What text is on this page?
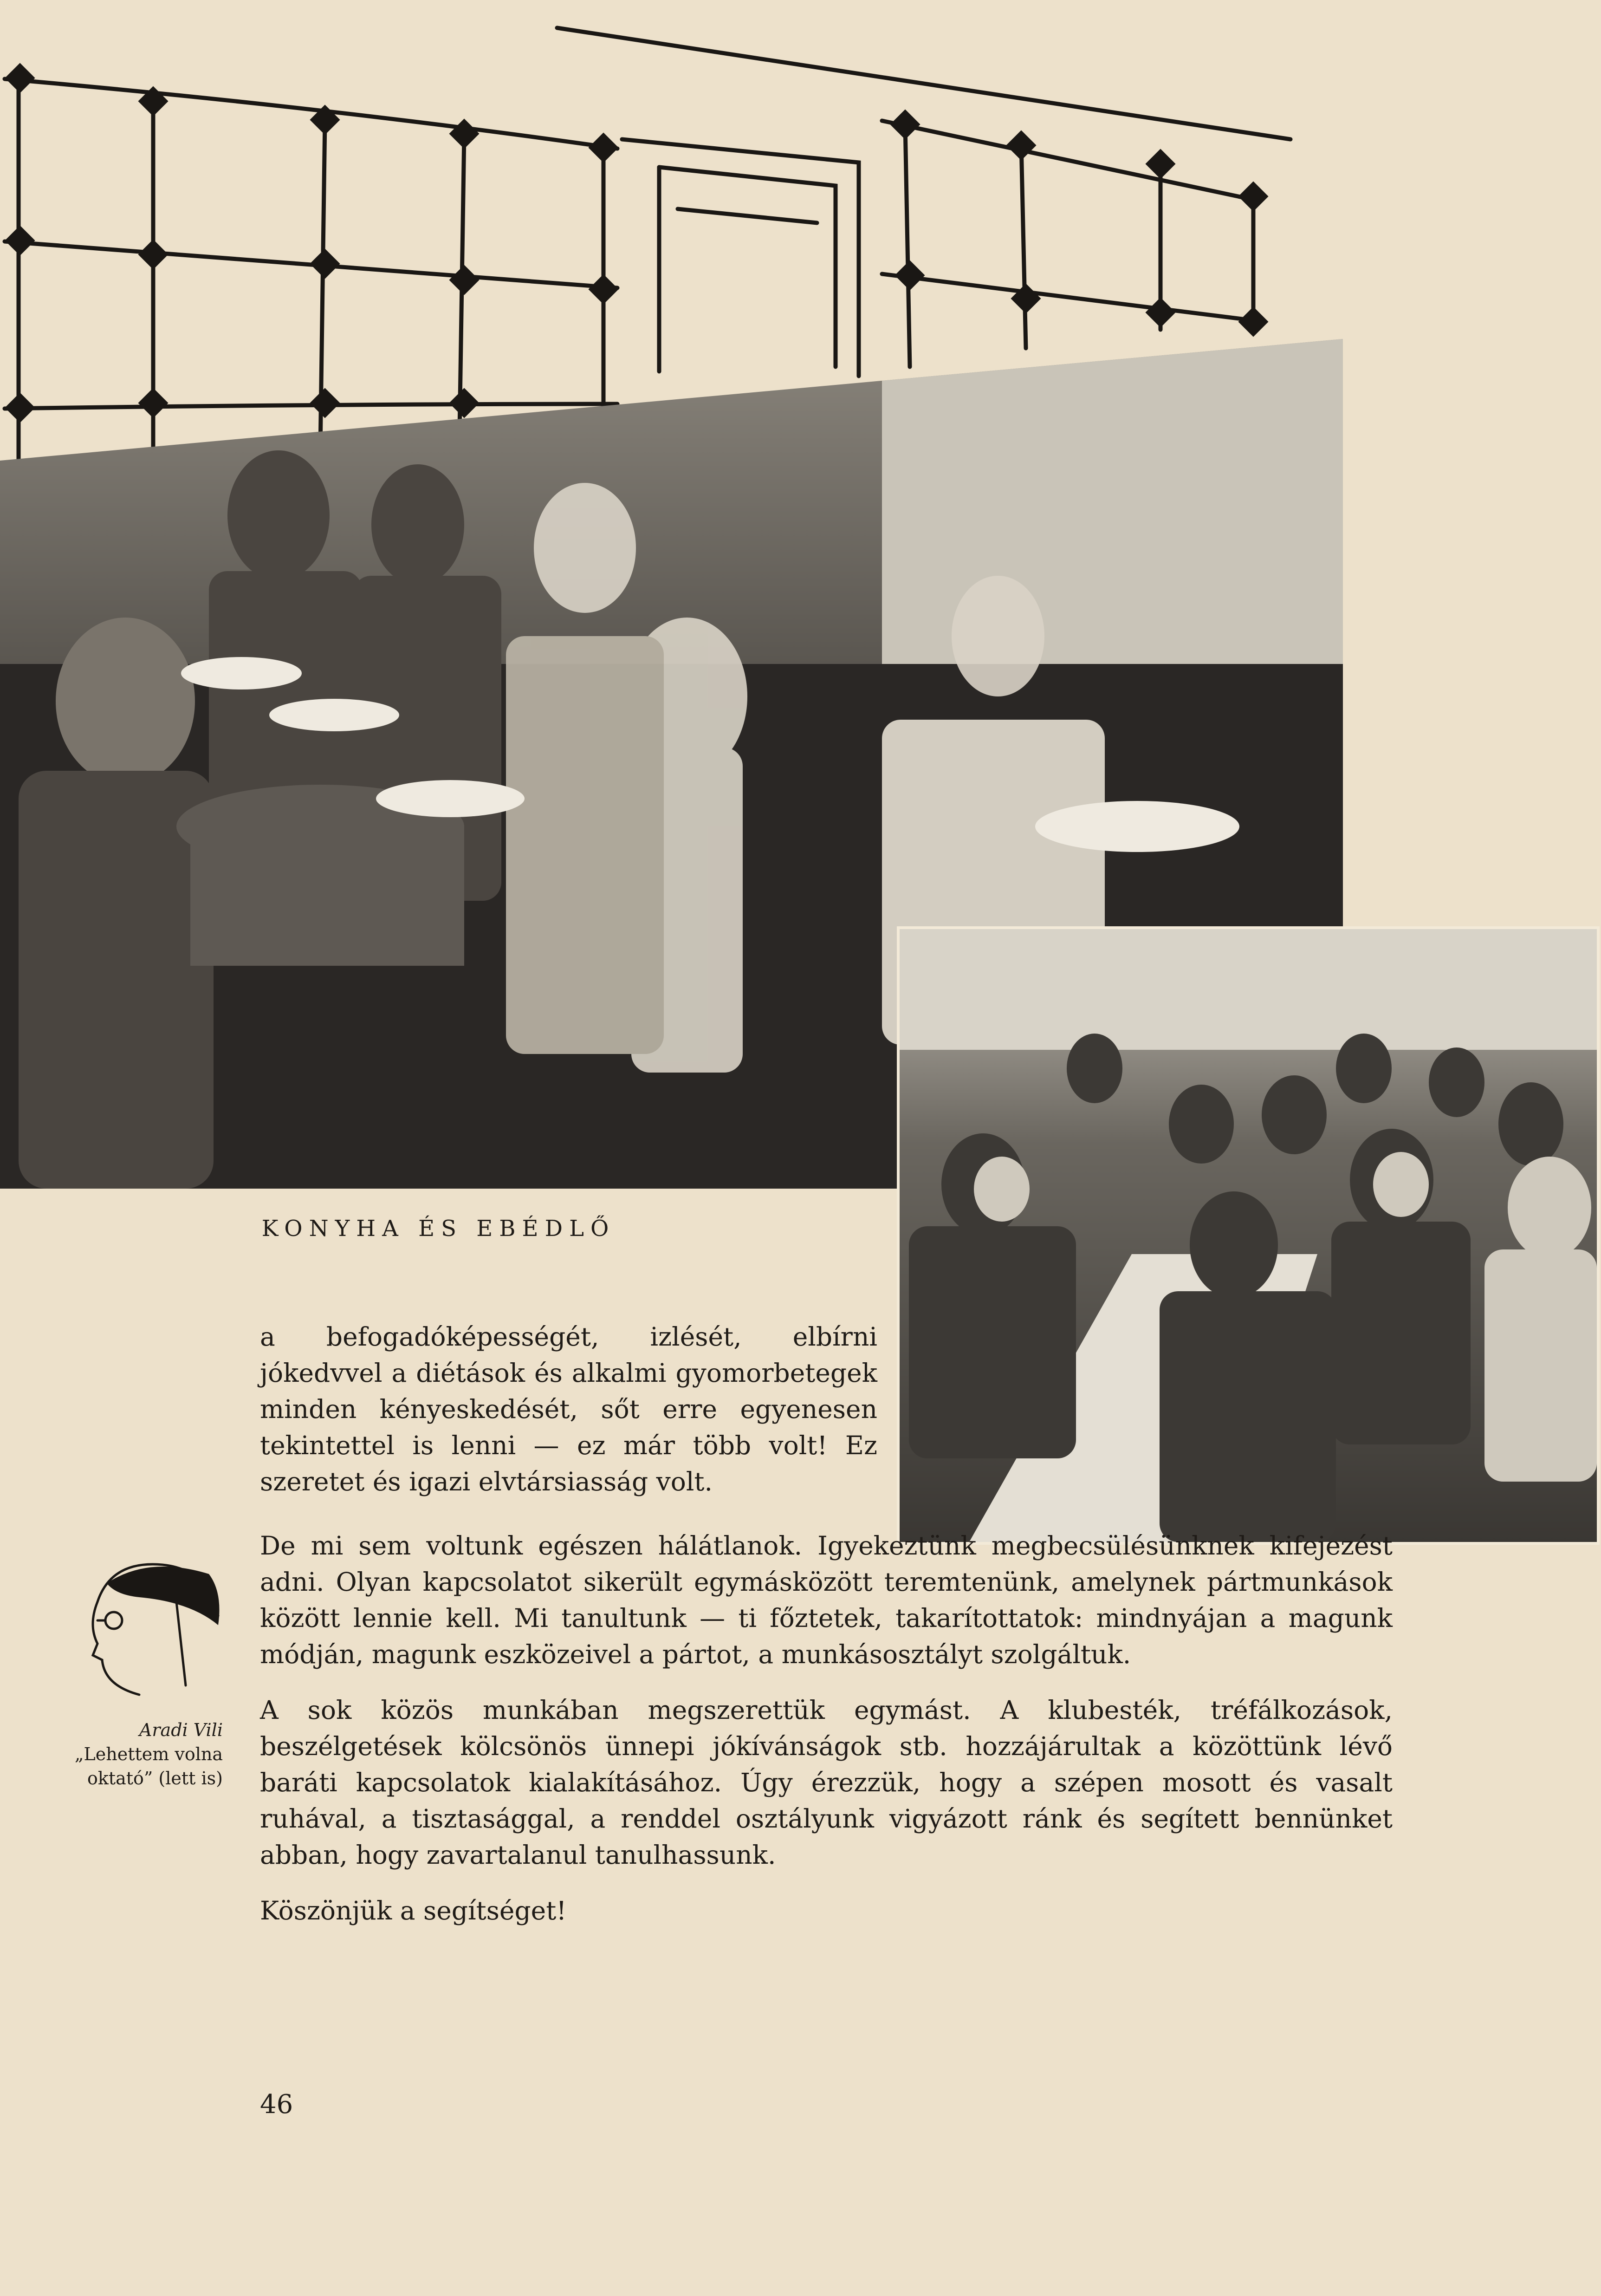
KONYHA ÉS EBÉDLŐ

a befogadóképességét, izlését, elbírni jókedvvel a diétások és alkalmi gyomorbetegek minden kényeskedését, sőt erre egyenesen tekintettel is lenni — ez már több volt! Ez szeretet és igazi elvtársiasság volt.

De mi sem voltunk egészen hálátlanok. Igyekeztünk megbecsülésünknek kifejezést adni. Olyan kapcsolatot sikerült egymásközött teremtenünk, amelynek pártmunkások között lennie kell. Mi tanultunk — ti főztetek, takarítottatok: mindnyájan a magunk módján, magunk eszközeivel a pártot, a munkásosztályt szolgáltuk.

A sok közös munkában megszerettük egymást. A klubesték, tréfálkozások, beszélgetések kölcsönös ünnepi jókívánságok stb. hozzájárultak a közöttünk lévő baráti kapcsolatok kialakításához. Úgy érezzük, hogy a szépen mosott és vasalt ruhával, a tisztasággal, a renddel osztályunk vigyázott ránk és segített bennünket abban, hogy zavartalanul tanulhassunk.

Köszönjük a segítséget!

Aradi Vili
„Lehettem volna
oktató” (lett is)
46
